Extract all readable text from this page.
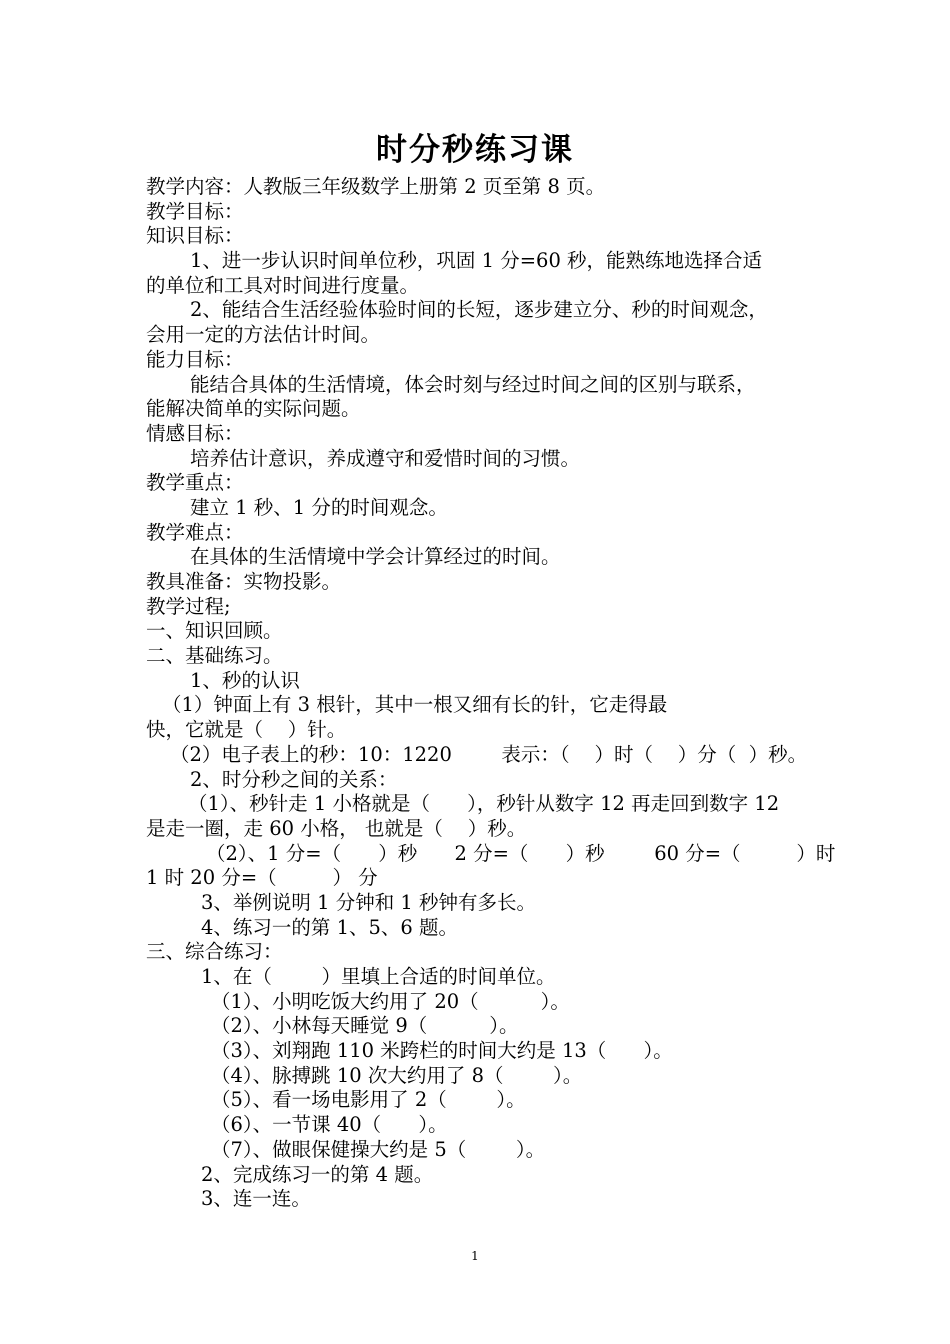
时分秒练习课
教学内容：人教版三年级数学上册第 2 页至第 8 页。
教学目标：
知识目标：
1、进一步认识时间单位秒，巩固 1 分=60 秒，能熟练地选择合适
的单位和工具对时间进行度量。
2、能结合生活经验体验时间的长短，逐步建立分、秒的时间观念，
会用一定的方法估计时间。
能力目标：
能结合具体的生活情境，体会时刻与经过时间之间的区别与联系，
能解决简单的实际问题。
情感目标：
培养估计意识，养成遵守和爱惜时间的习惯。
教学重点：
建立 1 秒、1 分的时间观念。
教学难点：
在具体的生活情境中学会计算经过的时间。
教具准备：实物投影。
教学过程;
一、知识回顾。
二、基础练习。
1、秒的认识
（1）钟面上有 3 根针，其中一根又细有长的针，它走得最
快，它就是（    ）针。
（2）电子表上的秒：10：1220        表示：（    ）时（    ）分（  ）秒。
2、时分秒之间的关系：
（1）、秒针走 1 小格就是（      ），秒针从数字 12 再走回到数字 12
是走一圈，走 60 小格， 也就是（    ）秒。
（2）、1 分=（      ）秒      2 分=（      ）秒        60 分=（         ）时
1 时 20 分=（         ） 分
3、举例说明 1 分钟和 1 秒钟有多长。
4、练习一的第 1、5、6 题。
三、综合练习：
1、在（        ）里填上合适的时间单位。
（1）、小明吃饭大约用了 20（          ）。
（2）、小林每天睡觉 9（          ）。
（3）、刘翔跑 110 米跨栏的时间大约是 13（      ）。
（4）、脉搏跳 10 次大约用了 8（        ）。
（5）、看一场电影用了 2（        ）。
（6）、一节课 40（      ）。
（7）、做眼保健操大约是 5（        ）。
2、完成练习一的第 4 题。
3、连一连。
1
